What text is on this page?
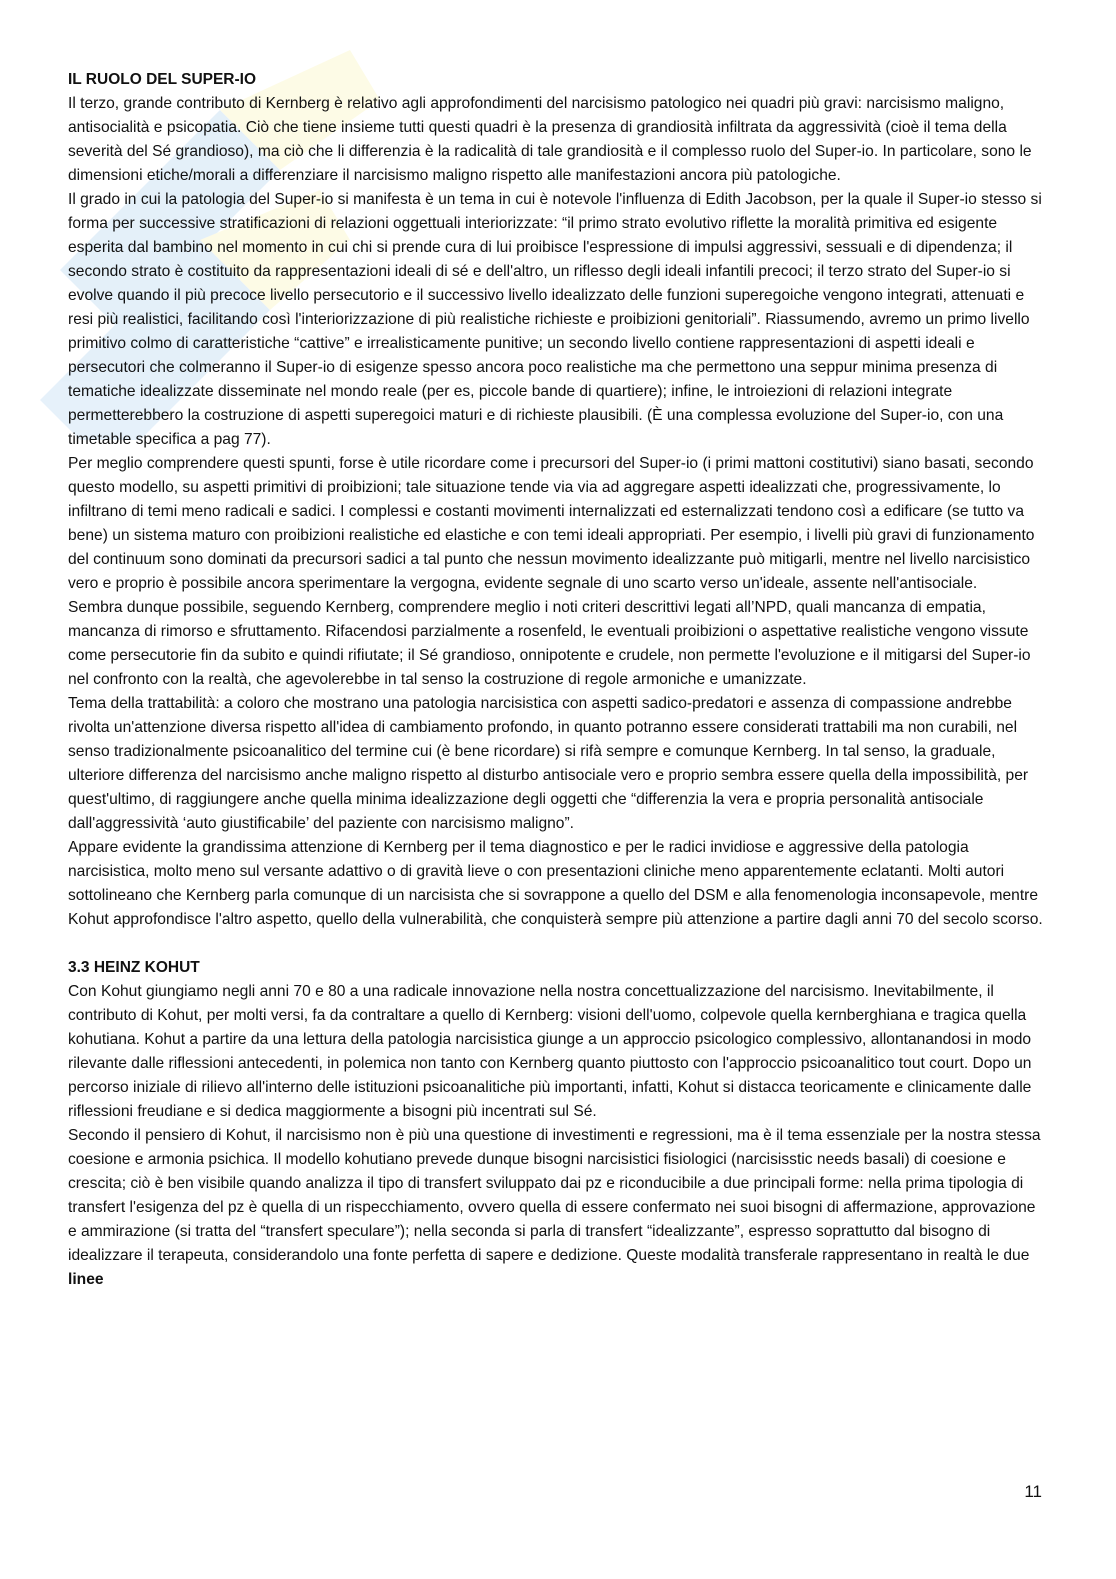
IL RUOLO DEL SUPER-IO

Il terzo, grande contributo di Kernberg è relativo agli approfondimenti del narcisismo patologico nei quadri più gravi: narcisismo maligno, antisocialità e psicopatia. Ciò che tiene insieme tutti questi quadri è la presenza di grandiosità infiltrata da aggressività (cioè il tema della severità del Sé grandioso), ma ciò che li differenzia è la radicalità di tale grandiosità e il complesso ruolo del Super-io. In particolare, sono le dimensioni etiche/morali a differenziare il narcisismo maligno rispetto alle manifestazioni ancora più patologiche.

Il grado in cui la patologia del Super-io si manifesta è un tema in cui è notevole l'influenza di Edith Jacobson, per la quale il Super-io stesso si forma per successive stratificazioni di relazioni oggettuali interiorizzate: “il primo strato evolutivo riflette la moralità primitiva ed esigente esperita dal bambino nel momento in cui chi si prende cura di lui proibisce l'espressione di impulsi aggressivi, sessuali e di dipendenza; il secondo strato è costituito da rappresentazioni ideali di sé e dell'altro, un riflesso degli ideali infantili precoci; il terzo strato del Super-io si evolve quando il più precoce livello persecutorio e il successivo livello idealizzato delle funzioni superegoiche vengono integrati, attenuati e resi più realistici, facilitando così l'interiorizzazione di più realistiche richieste e proibizioni genitoriali”. Riassumendo, avremo un primo livello primitivo colmo di caratteristiche “cattive” e irrealisticamente punitive; un secondo livello contiene rappresentazioni di aspetti ideali e persecutori che colmeranno il Super-io di esigenze spesso ancora poco realistiche ma che permettono una seppur minima presenza di tematiche idealizzate disseminate nel mondo reale (per es, piccole bande di quartiere); infine, le introiezioni di relazioni integrate permetterebbero la costruzione di aspetti superegoici maturi e di richieste plausibili. (È una complessa evoluzione del Super-io, con una timetable specifica a pag 77).

Per meglio comprendere questi spunti, forse è utile ricordare come i precursori del Super-io (i primi mattoni costitutivi) siano basati, secondo questo modello, su aspetti primitivi di proibizioni; tale situazione tende via via ad aggregare aspetti idealizzati che, progressivamente, lo infiltrano di temi meno radicali e sadici. I complessi e costanti movimenti internalizzati ed esternalizzati tendono così a edificare (se tutto va bene) un sistema maturo con proibizioni realistiche ed elastiche e con temi ideali appropriati. Per esempio, i livelli più gravi di funzionamento del continuum sono dominati da precursori sadici a tal punto che nessun movimento idealizzante può mitigarli, mentre nel livello narcisistico vero e proprio è possibile ancora sperimentare la vergogna, evidente segnale di uno scarto verso un'ideale, assente nell'antisociale.

Sembra dunque possibile, seguendo Kernberg, comprendere meglio i noti criteri descrittivi legati all’NPD, quali mancanza di empatia, mancanza di rimorso e sfruttamento. Rifacendosi parzialmente a rosenfeld, le eventuali proibizioni o aspettative realistiche vengono vissute come persecutorie fin da subito e quindi rifiutate; il Sé grandioso, onnipotente e crudele, non permette l'evoluzione e il mitigarsi del Super-io nel confronto con la realtà, che agevolerebbe in tal senso la costruzione di regole armoniche e umanizzate.

Tema della trattabilità: a coloro che mostrano una patologia narcisistica con aspetti sadico-predatori e assenza di compassione andrebbe rivolta un'attenzione diversa rispetto all'idea di cambiamento profondo, in quanto potranno essere considerati trattabili ma non curabili, nel senso tradizionalmente psicoanalitico del termine cui (è bene ricordare) si rifà sempre e comunque Kernberg. In tal senso, la graduale, ulteriore differenza del narcisismo anche maligno rispetto al disturbo antisociale vero e proprio sembra essere quella della impossibilità, per quest'ultimo, di raggiungere anche quella minima idealizzazione degli oggetti che “differenzia la vera e propria personalità antisociale dall'aggressività ‘auto giustificabile’ del paziente con narcisismo maligno”.

Appare evidente la grandissima attenzione di Kernberg per il tema diagnostico e per le radici invidiose e aggressive della patologia narcisistica, molto meno sul versante adattivo o di gravità lieve o con presentazioni cliniche meno apparentemente eclatanti. Molti autori sottolineano che Kernberg parla comunque di un narcisista che si sovrappone a quello del DSM e alla fenomenologia inconsapevole, mentre Kohut approfondisce l'altro aspetto, quello della vulnerabilità, che conquisterà sempre più attenzione a partire dagli anni 70 del secolo scorso.

3.3 HEINZ KOHUT

Con Kohut giungiamo negli anni 70 e 80 a una radicale innovazione nella nostra concettualizzazione del narcisismo. Inevitabilmente, il contributo di Kohut, per molti versi, fa da contraltare a quello di Kernberg: visioni dell'uomo, colpevole quella kernberghiana e tragica quella kohutiana. Kohut a partire da una lettura della patologia narcisistica giunge a un approccio psicologico complessivo, allontanandosi in modo rilevante dalle riflessioni antecedenti, in polemica non tanto con Kernberg quanto piuttosto con l'approccio psicoanalitico tout court. Dopo un percorso iniziale di rilievo all'interno delle istituzioni psicoanalitiche più importanti, infatti, Kohut si distacca teoricamente e clinicamente dalle riflessioni freudiane e si dedica maggiormente a bisogni più incentrati sul Sé.

Secondo il pensiero di Kohut, il narcisismo non è più una questione di investimenti e regressioni, ma è il tema essenziale per la nostra stessa coesione e armonia psichica. Il modello kohutiano prevede dunque bisogni narcisistici fisiologici (narcisisstic needs basali) di coesione e crescita; ciò è ben visibile quando analizza il tipo di transfert sviluppato dai pz e riconducibile a due principali forme: nella prima tipologia di transfert l'esigenza del pz è quella di un rispecchiamento, ovvero quella di essere confermato nei suoi bisogni di affermazione, approvazione e ammirazione (si tratta del “transfert speculare”); nella seconda si parla di transfert “idealizzante”, espresso soprattutto dal bisogno di idealizzare il terapeuta, considerandolo una fonte perfetta di sapere e dedizione. Queste modalità transferale rappresentano in realtà le due linee

11
